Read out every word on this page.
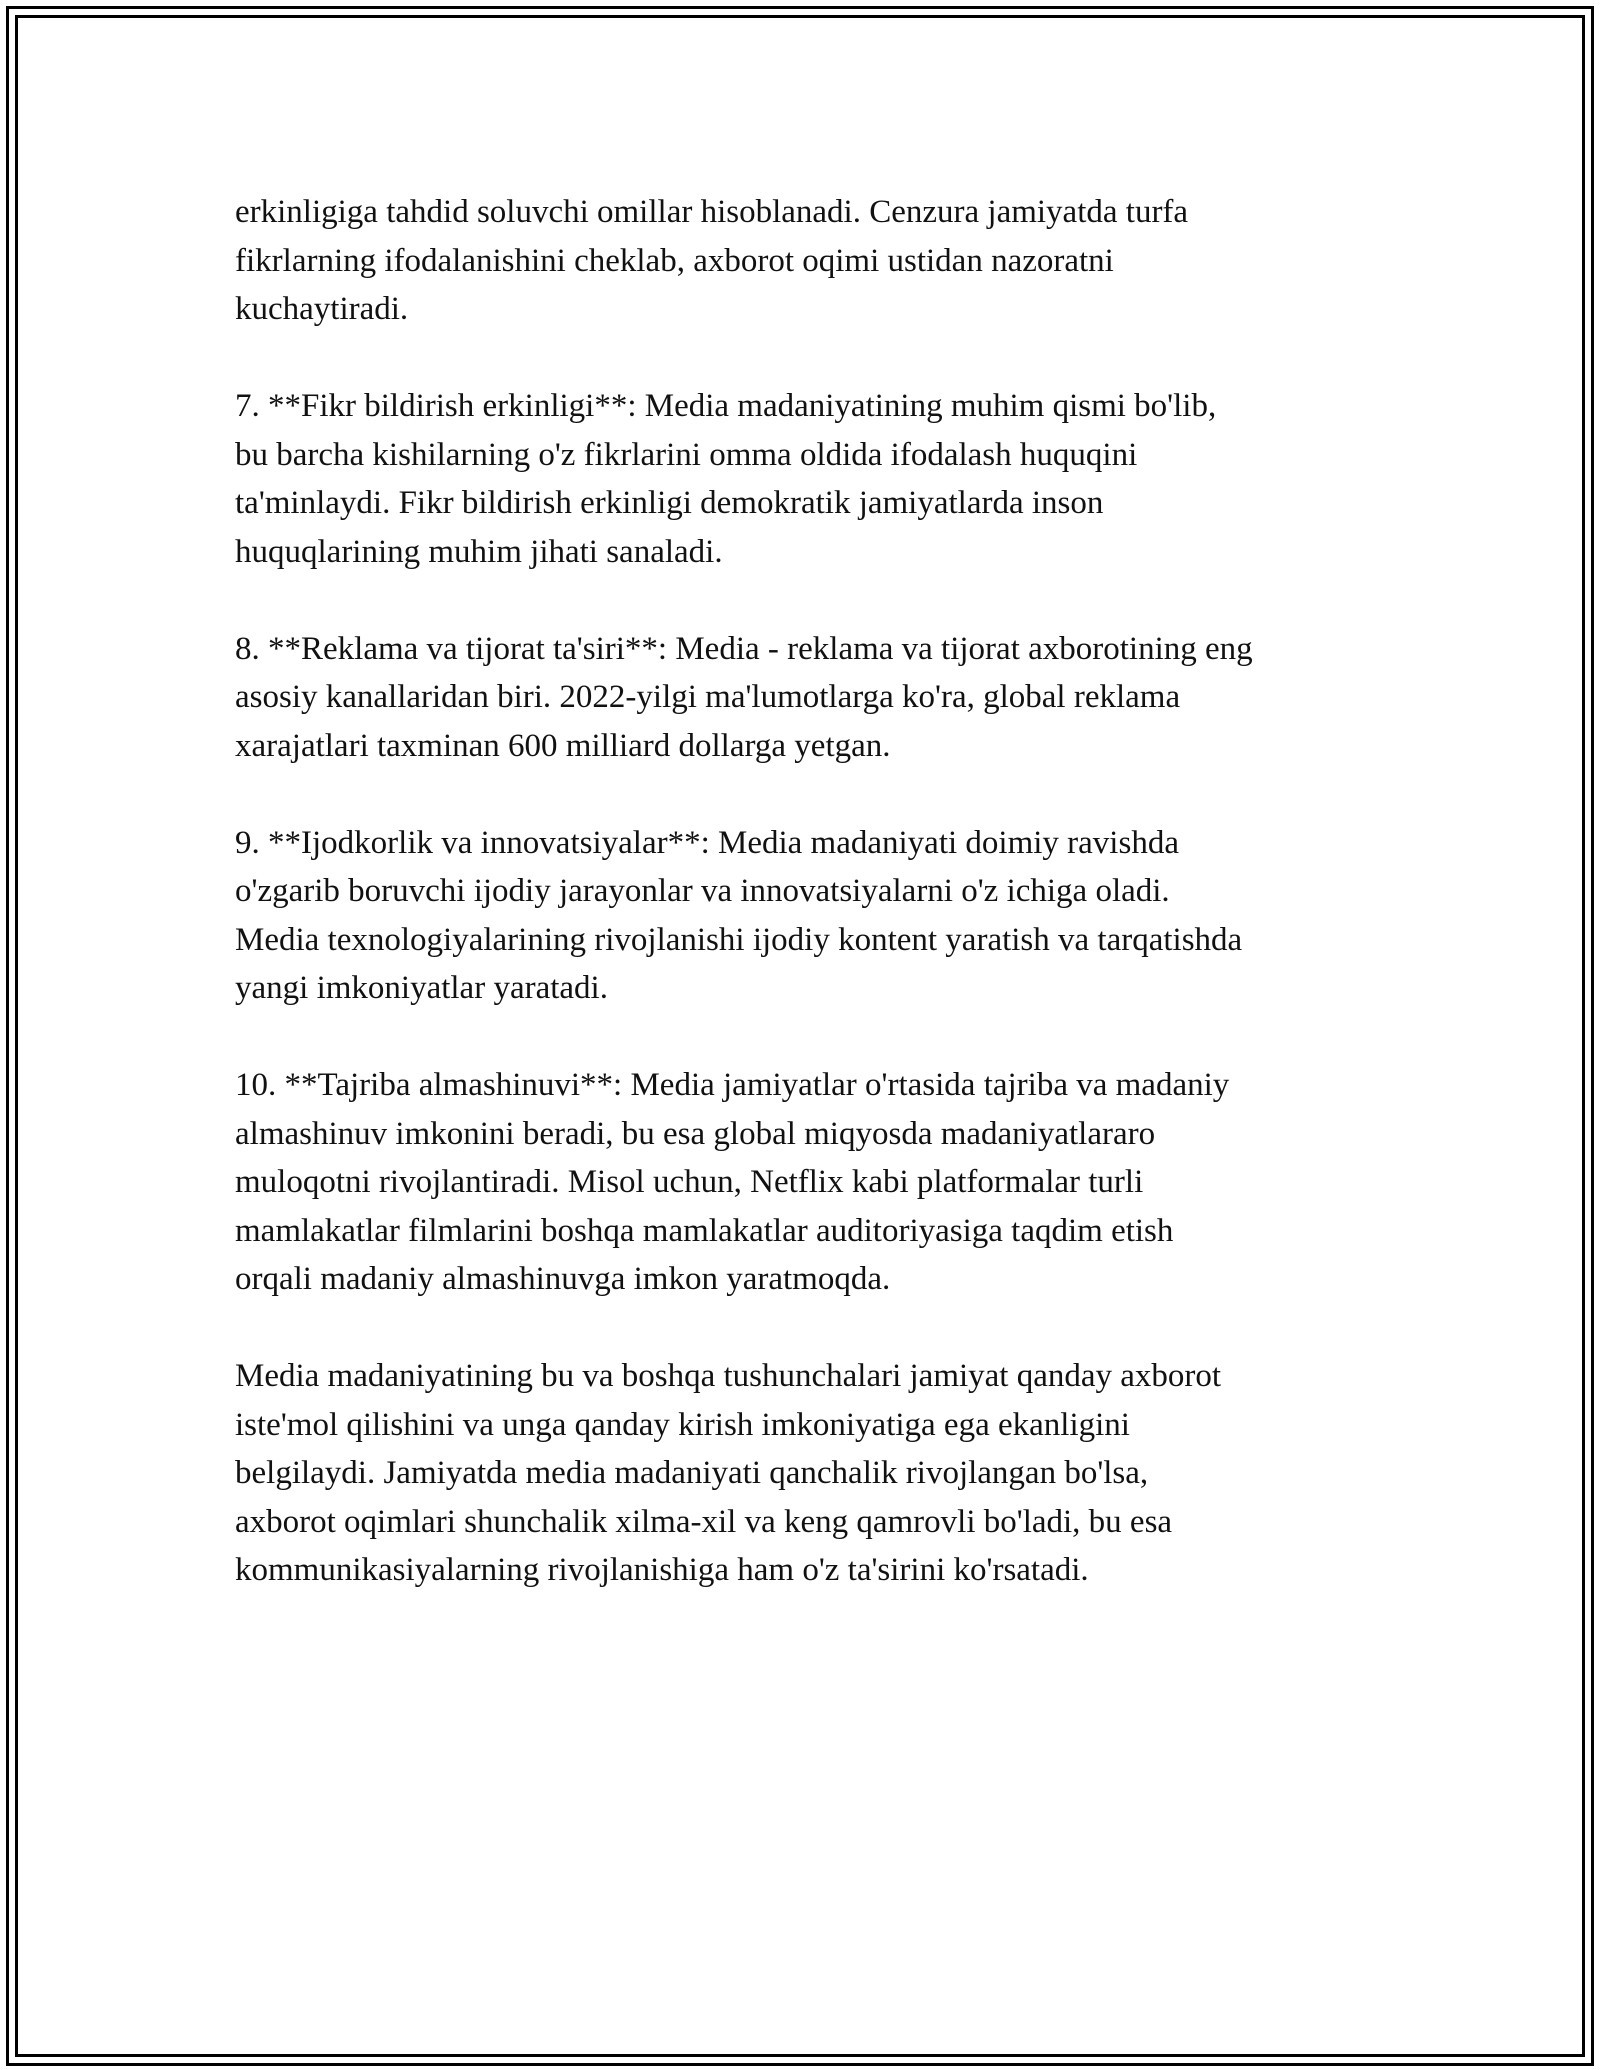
erkinligiga tahdid soluvchi omillar hisoblanadi. Cenzura jamiyatda turfa
fikrlarning ifodalanishini cheklab, axborot oqimi ustidan nazoratni
kuchaytiradi.

7. **Fikr bildirish erkinligi**: Media madaniyatining muhim qismi bo'lib,
bu barcha kishilarning o'z fikrlarini omma oldida ifodalash huquqini
ta'minlaydi. Fikr bildirish erkinligi demokratik jamiyatlarda inson
huquqlarining muhim jihati sanaladi.

8. **Reklama va tijorat ta'siri**: Media - reklama va tijorat axborotining eng
asosiy kanallaridan biri. 2022-yilgi ma'lumotlarga ko'ra, global reklama
xarajatlari taxminan 600 milliard dollarga yetgan.

9. **Ijodkorlik va innovatsiyalar**: Media madaniyati doimiy ravishda
o'zgarib boruvchi ijodiy jarayonlar va innovatsiyalarni o'z ichiga oladi.
Media texnologiyalarining rivojlanishi ijodiy kontent yaratish va tarqatishda
yangi imkoniyatlar yaratadi.

10. **Tajriba almashinuvi**: Media jamiyatlar o'rtasida tajriba va madaniy
almashinuv imkonini beradi, bu esa global miqyosda madaniyatlararo
muloqotni rivojlantiradi. Misol uchun, Netflix kabi platformalar turli
mamlakatlar filmlarini boshqa mamlakatlar auditoriyasiga taqdim etish
orqali madaniy almashinuvga imkon yaratmoqda.

Media madaniyatining bu va boshqa tushunchalari jamiyat qanday axborot
iste'mol qilishini va unga qanday kirish imkoniyatiga ega ekanligini
belgilaydi. Jamiyatda media madaniyati qanchalik rivojlangan bo'lsa,
axborot oqimlari shunchalik xilma-xil va keng qamrovli bo'ladi, bu esa
kommunikasiyalarning rivojlanishiga ham o'z ta'sirini ko'rsatadi.
